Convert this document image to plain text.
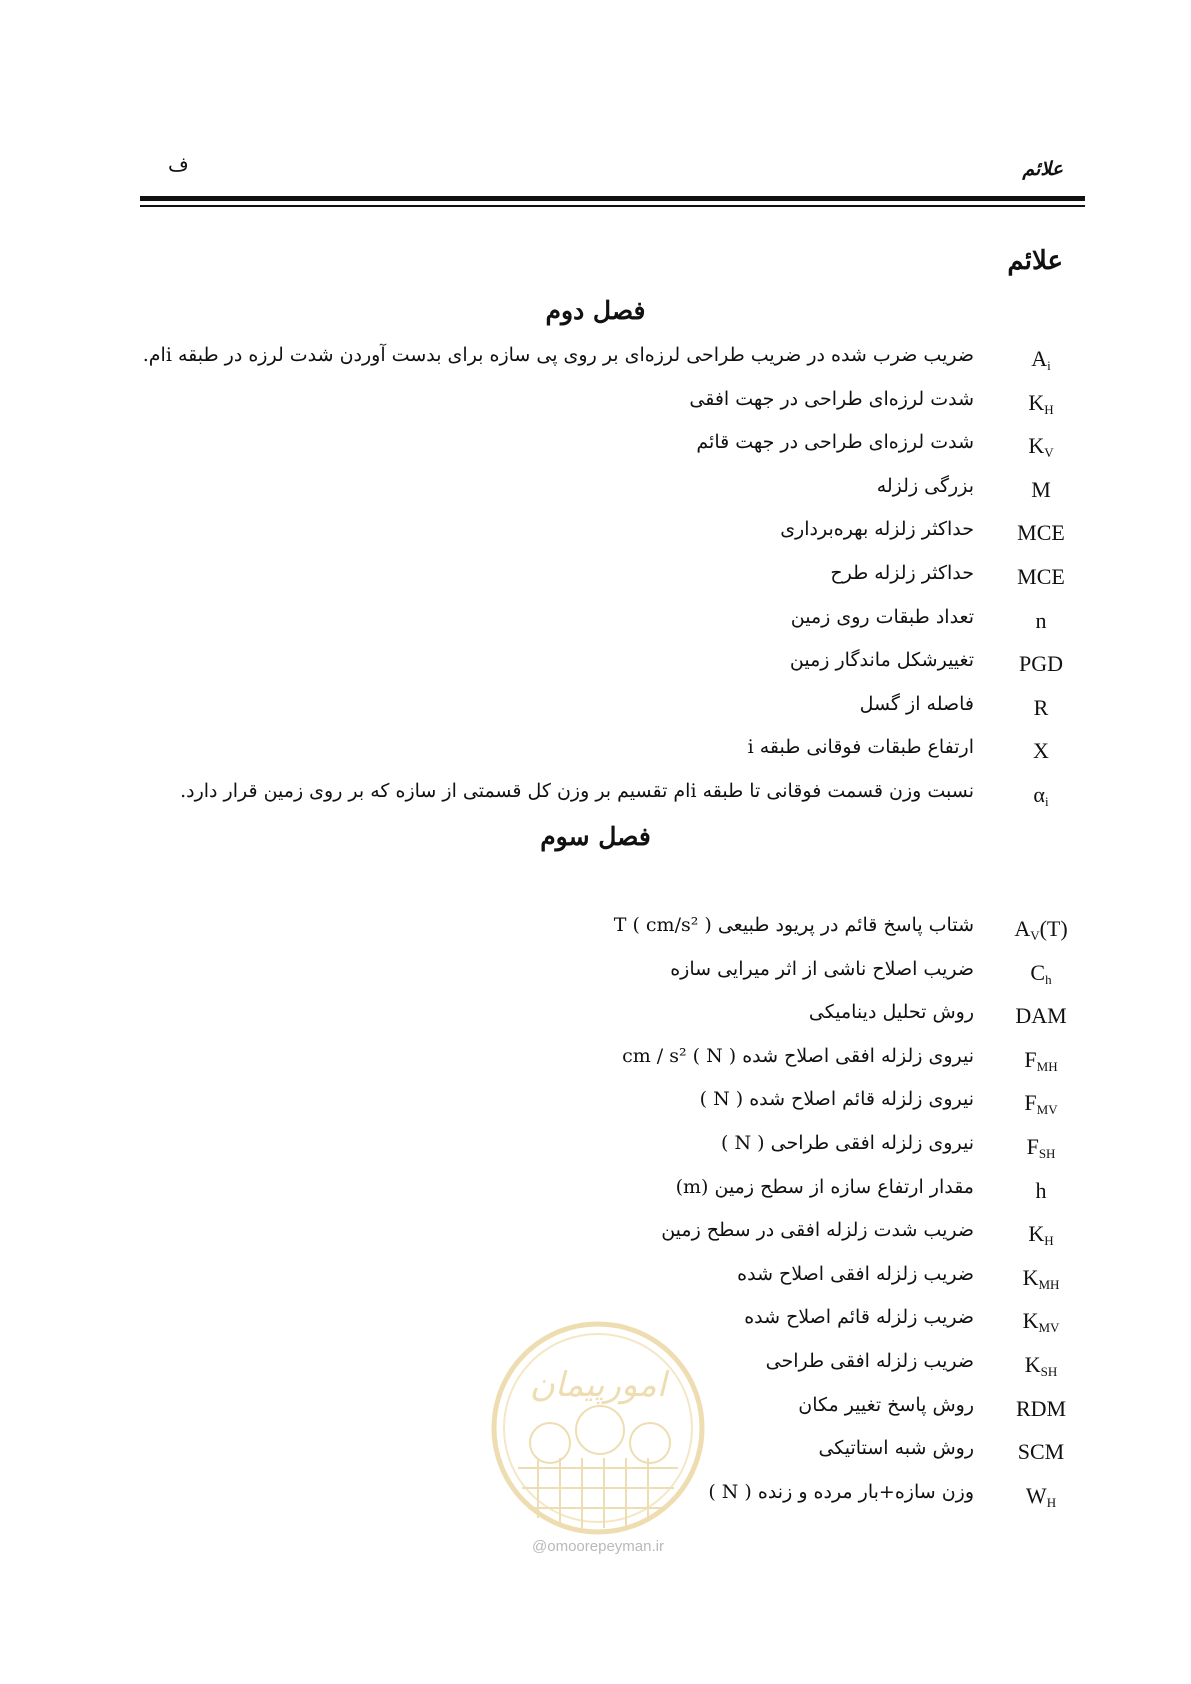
ف	علائم
علائم
فصل دوم
$A_i$
ضریب ضرب شده در ضریب طراحی لرزه‌ای بر روی پی سازه برای بدست آوردن شدت لرزه در طبقه iام.
$K_H$
شدت لرزه‌ای طراحی در جهت افقی
$K_V$
شدت لرزه‌ای طراحی در جهت قائم
M
بزرگی زلزله
MCE
حداکثر زلزله بهره‌برداری
MCE
حداکثر زلزله طرح
n
تعداد طبقات روی زمین
PGD
تغییرشکل ماندگار زمین
R
فاصله از گسل
X
ارتفاع طبقات فوقانی طبقه i
$\alpha_i$
نسبت وزن قسمت فوقانی تا طبقه iام تقسیم بر وزن کل قسمتی از سازه که بر روی زمین قرار دارد.
فصل سوم
$A_V(T)$
شتاب پاسخ قائم در پریود طبیعی T ( cm/s² )
$C_h$
ضریب اصلاح ناشی از اثر میرایی سازه
DAM
روش تحلیل دینامیکی
$F_{MH}$
نیروی زلزله افقی اصلاح شده ( N ) cm / s²
$F_{MV}$
نیروی زلزله قائم اصلاح شده ( N )
$F_{SH}$
نیروی زلزله افقی طراحی ( N )
h
مقدار ارتفاع سازه از سطح زمین (m)
$K_H$
ضریب شدت زلزله افقی در سطح زمین
$K_{MH}$
ضریب زلزله افقی اصلاح شده
$K_{MV}$
ضریب زلزله قائم اصلاح شده
$K_{SH}$
ضریب زلزله افقی طراحی
RDM
روش پاسخ تغییر مکان
SCM
روش شبه استاتیکی
$W_H$
وزن سازه+بار مرده و زنده ( N )
امورپیمان
@omoorepeyman.ir
